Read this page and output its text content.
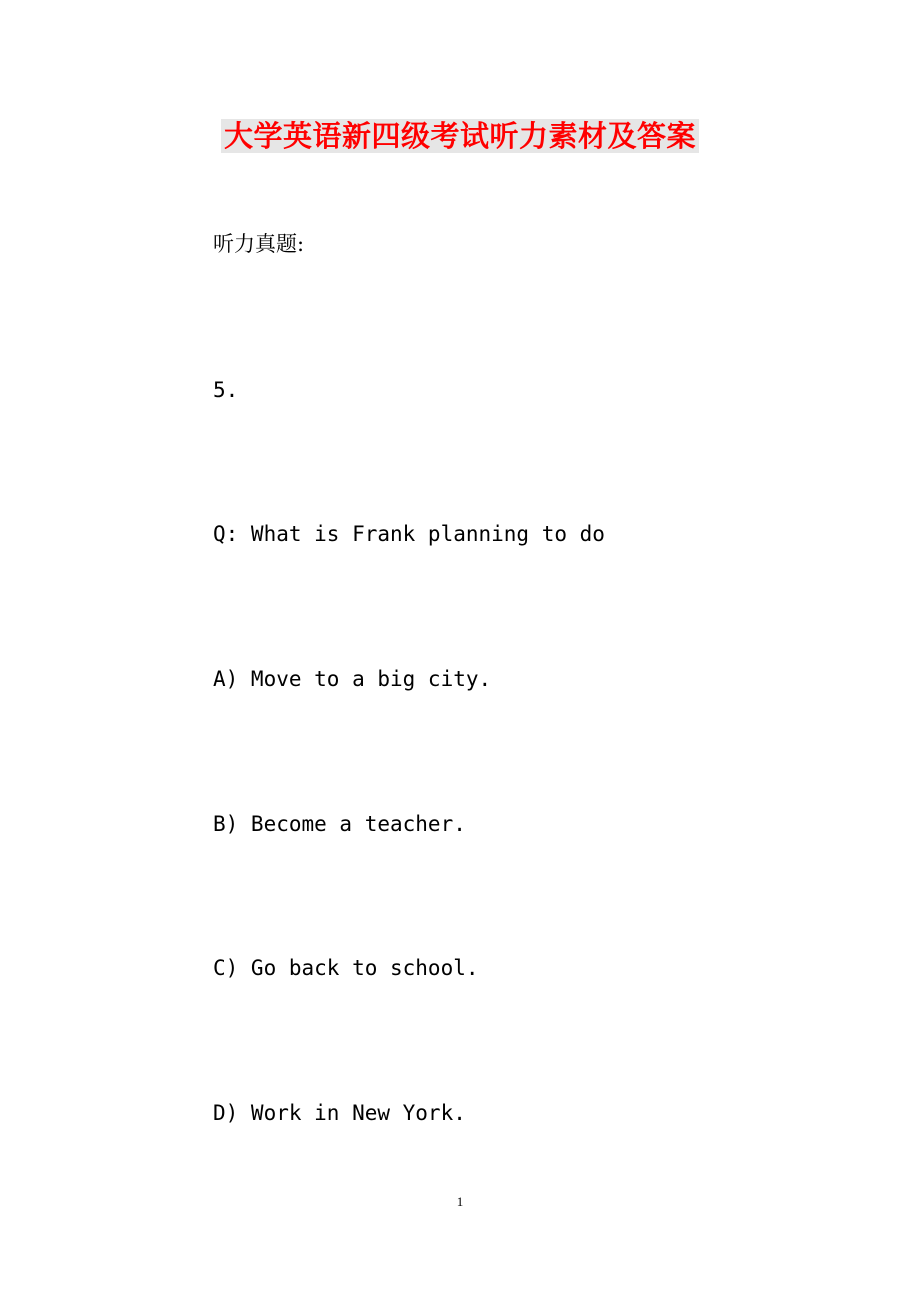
大学英语新四级考试听力素材及答案
听力真题:
5.
Q: What is Frank planning to do
A) Move to a big city.
B) Become a teacher.
C) Go back to school.
D) Work in New York.
1
